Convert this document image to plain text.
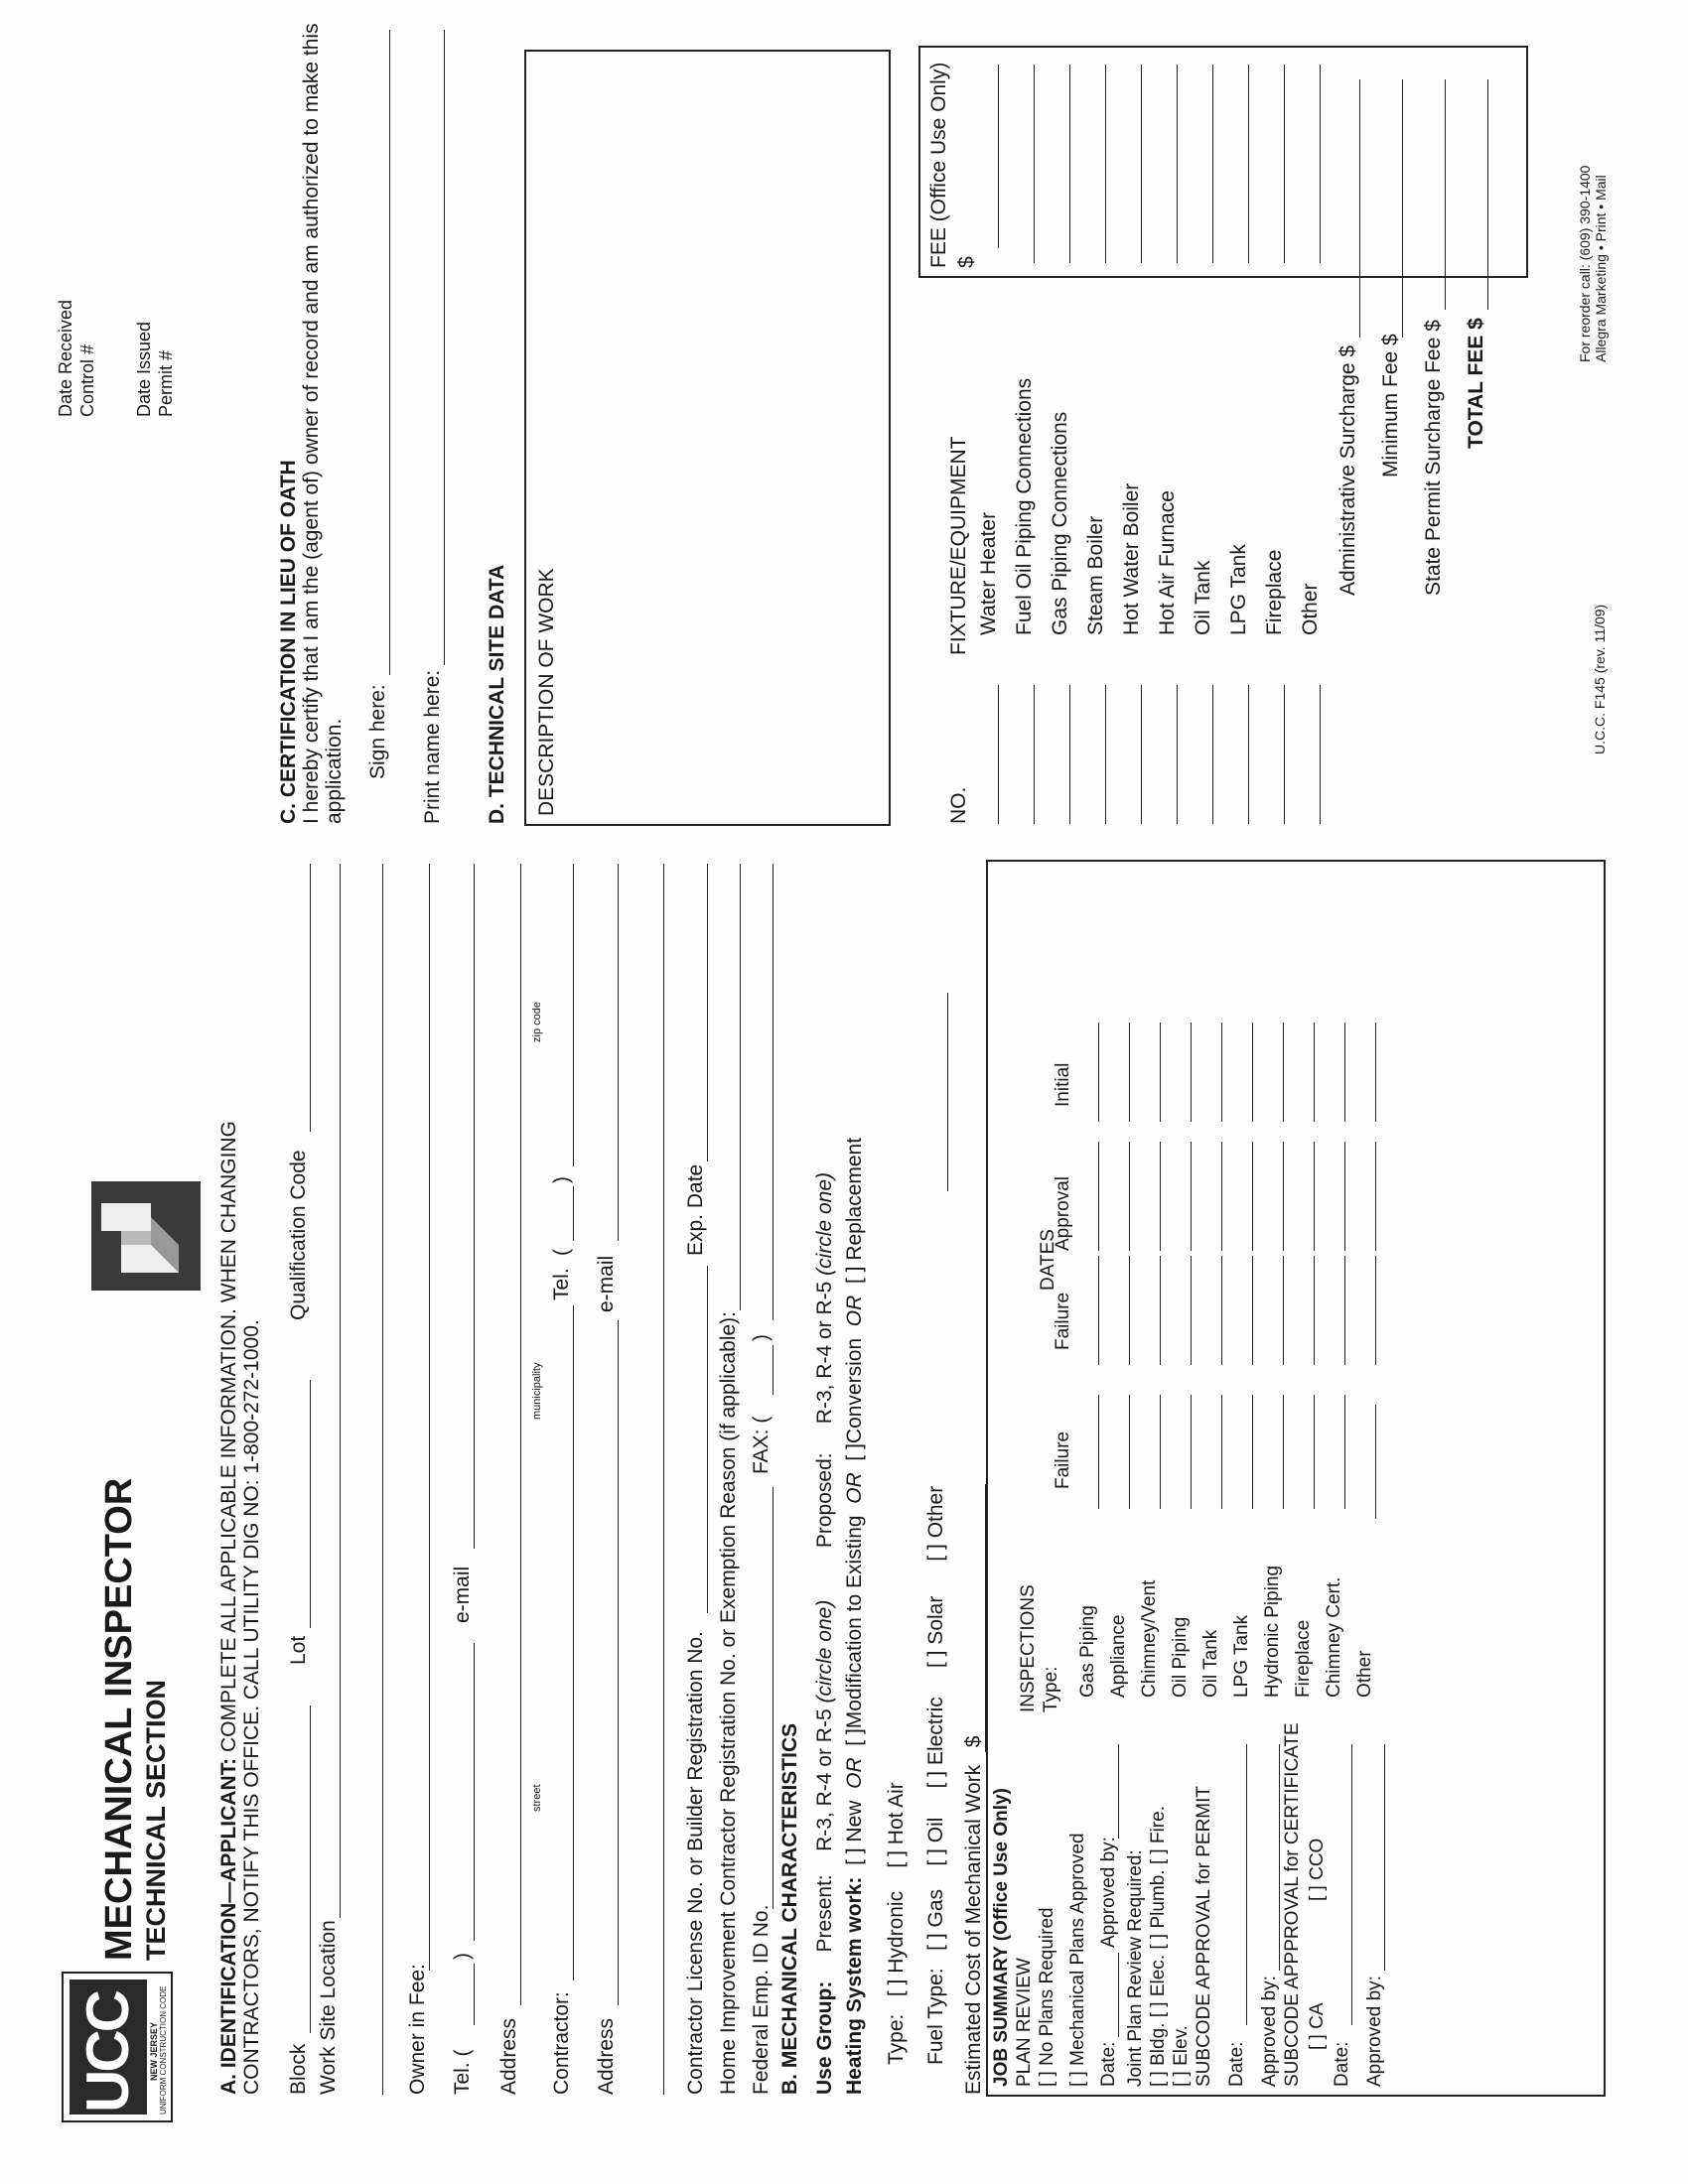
UCC NEW JERSEY UNIFORM CONSTRUCTION CODE
MECHANICAL INSPECTOR TECHNICAL SECTION
Date Received Control # Date Issued Permit #
A. IDENTIFICATION—APPLICANT: COMPLETE ALL APPLICABLE INFORMATION. WHEN CHANGING CONTRACTORS, NOTIFY THIS OFFICE. CALL UTILITY DIG NO: 1-800-272-1000. Block
Lot
Qualification Code
Work Site Location	Owner in Fee: Tel. (
)
e-mail
Address
street
municipality
zip code
Contractor:
Tel.
(
)
Address
e-mail
Contractor License No. or Builder Registration No.
Exp. Date
Home Improvement Contractor Registration No. or Exemption Reason (if applicable): Federal Emp. ID No.
FAX: (
)
B. MECHANICAL CHARACTERISTICS Use Group:     Present:    R-3, R-4 or R-5 (circle one)         Proposed:     R-3, R-4 or R-5 (circle one)
Heating System work:  [ ] New  OR  [ ]Modification to Existing  OR  [ ]Conversion  OR  [ ] Replacement
Type:   [ ] Hydronic    [ ] Hot Air
Fuel Type:   [ ] Gas    [ ] Oil     [ ] Electric     [ ] Solar      [ ] Other
Estimated Cost of Mechanical Work   $
JOB SUMMARY (Office Use Only) PLAN REVIEW [ ] No Plans Required [ ] Mechanical Plans Approved Date:
Approved by: Joint Plan Review Required: [ ] Bldg. [ ] Elec. [ ] Plumb. [ ] Fire. [ ] Elev. SUBCODE APPROVAL for PERMIT Date: Approved by: SUBCODE APPPROVAL for CERTIFICATE [ ] CA
[ ] CCO
Date: Approved by:
INSPECTIONS Type:
DATES
Failure
Failure
Approval
Initial
Gas Piping Appliance Chimney/Vent Oil Piping Oil Tank LPG Tank Hydronic Piping Fireplace Chimney Cert. Other
C. CERTIFICATION IN LIEU OF OATH I hereby certify that I am the (agent of) owner of record and am authorized to make this application. Sign here: Print name here: D. TECHNICAL SITE DATA DESCRIPTION OF WORK	NO.
FIXTURE/EQUIPMENT Water Heater Fuel Oil Piping Connections Gas Piping Connections Steam Boiler Hot Water Boiler Hot Air Furnace Oil Tank LPG Tank Fireplace Other
FEE (Office Use Only) $
Administrative Surcharge $ Minimum Fee $ State Permit Surcharge Fee $ TOTAL FEE $
U.C.C. F145 (rev. 11/09)
For reorder call: (609) 390-1400 Allegra Marketing • Print • Mail
